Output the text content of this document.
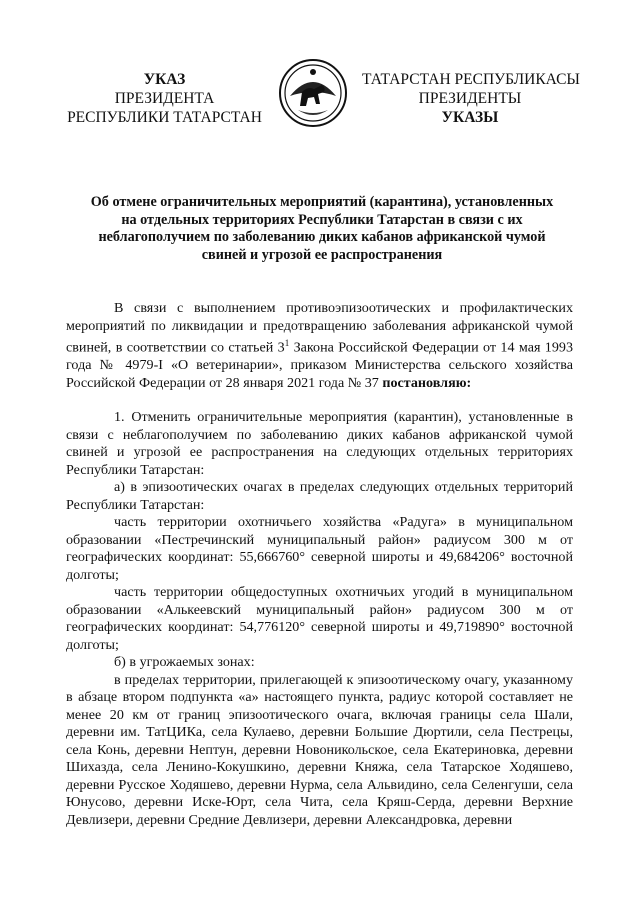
УКАЗ
ПРЕЗИДЕНТА
РЕСПУБЛИКИ ТАТАРСТАН
ТАТАРСТАН РЕСПУБЛИКАСЫ
ПРЕЗИДЕНТЫ
УКАЗЫ
Об отмене ограничительных мероприятий (карантина), установленных
на отдельных территориях Республики Татарстан в связи с их
неблагополучием по заболеванию диких кабанов африканской чумой
свиней и угрозой ее распространения

В связи с выполнением противоэпизоотических и профилактических мероприятий по ликвидации и предотвращению заболевания африканской чумой свиней, в соответствии со статьей $3^1$ Закона Российской Федерации от 14 мая 1993 года № 4979-I «О ветеринарии», приказом Министерства сельского хозяйства Российской Федерации от 28 января 2021 года № 37 постановляю:

1. Отменить ограничительные мероприятия (карантин), установленные в связи с неблагополучием по заболеванию диких кабанов африканской чумой свиней и угрозой ее распространения на следующих отдельных территориях Республики Татарстан:

а) в эпизоотических очагах в пределах следующих отдельных территорий Республики Татарстан:

часть территории охотничьего хозяйства «Радуга» в муниципальном образовании «Пестречинский муниципальный район» радиусом 300 м от географических координат: 55,666760° северной широты и 49,684206° восточной долготы;

часть территории общедоступных охотничьих угодий в муниципальном образовании «Алькеевский муниципальный район» радиусом 300 м от географических координат: 54,776120° северной широты и 49,719890° восточной долготы;

б) в угрожаемых зонах:

в пределах территории, прилегающей к эпизоотическому очагу, указанному в абзаце втором подпункта «а» настоящего пункта, радиус которой составляет не менее 20 км от границ эпизоотического очага, включая границы села Шали, деревни им. ТатЦИКа, села Кулаево, деревни Большие Дюртили, села Пестрецы, села Конь, деревни Нептун, деревни Новоникольское, села Екатериновка, деревни Шихазда, села Ленино-Кокушкино, деревни Княжа, села Татарское Ходяшево, деревни Русское Ходяшево, деревни Нурма, села Альвидино, села Селенгуши, села Юнусово, деревни Иске-Юрт, села Чита, села Кряш-Серда, деревни Верхние Девлизери, деревни Средние Девлизери, деревни Александровка, деревни
